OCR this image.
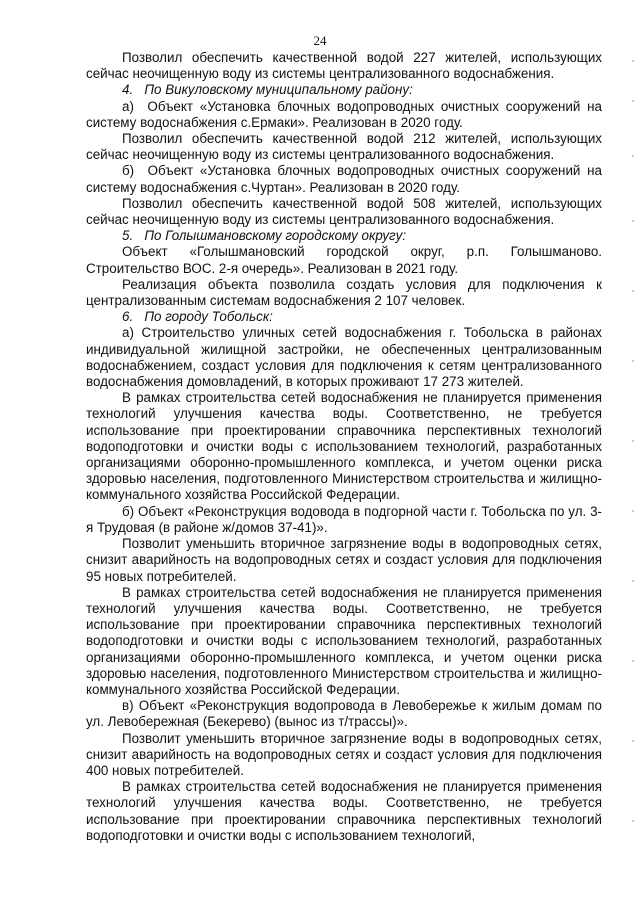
24

Позволил обеспечить качественной водой 227 жителей, использующих сейчас неочищенную воду из системы централизованного водоснабжения.

4.   По Викуловскому муниципальному району:

а)  Объект «Установка блочных водопроводных очистных сооружений на систему водоснабжения с.Ермаки». Реализован в 2020 году.

Позволил обеспечить качественной водой 212 жителей, использующих сейчас неочищенную воду из системы централизованного водоснабжения.

б)  Объект «Установка блочных водопроводных очистных сооружений на систему водоснабжения с.Чуртан». Реализован в 2020 году.

Позволил обеспечить качественной водой 508 жителей, использующих сейчас неочищенную воду из системы централизованного водоснабжения.

5.   По Голышмановскому городскому округу:

Объект «Голышмановский городской округ, р.п. Голышманово. Строительство ВОС. 2-я очередь». Реализован в 2021 году.

Реализация объекта позволила создать условия для подключения к централизованным системам водоснабжения 2 107 человек.

6.   По городу Тобольск:

а) Строительство уличных сетей водоснабжения г. Тобольска в районах индивидуальной жилищной застройки, не обеспеченных централизованным водоснабжением, создаст условия для подключения к сетям централизованного водоснабжения домовладений, в которых проживают 17 273 жителей.

В рамках строительства сетей водоснабжения не планируется применения технологий улучшения качества воды. Соответственно, не требуется использование при проектировании справочника перспективных технологий водоподготовки и очистки воды с использованием технологий, разработанных организациями оборонно-промышленного комплекса, и учетом оценки риска здоровью населения, подготовленного Министерством строительства и жилищно-коммунального хозяйства Российской Федерации.

б) Объект «Реконструкция водовода в подгорной части г. Тобольска по ул. 3-я Трудовая (в районе ж/домов 37-41)».

Позволит уменьшить вторичное загрязнение воды в водопроводных сетях, снизит аварийность на водопроводных сетях и создаст условия для подключения 95 новых потребителей.

В рамках строительства сетей водоснабжения не планируется применения технологий улучшения качества воды. Соответственно, не требуется использование при проектировании справочника перспективных технологий водоподготовки и очистки воды с использованием технологий, разработанных организациями оборонно-промышленного комплекса, и учетом оценки риска здоровью населения, подготовленного Министерством строительства и жилищно-коммунального хозяйства Российской Федерации.

в) Объект «Реконструкция водопровода в Левобережье к жилым домам по ул. Левобережная (Бекерево) (вынос из т/трассы)».

Позволит уменьшить вторичное загрязнение воды в водопроводных сетях, снизит аварийность на водопроводных сетях и создаст условия для подключения 400 новых потребителей.

В рамках строительства сетей водоснабжения не планируется применения технологий улучшения качества воды. Соответственно, не требуется использование при проектировании справочника перспективных технологий водоподготовки и очистки воды с использованием технологий,
